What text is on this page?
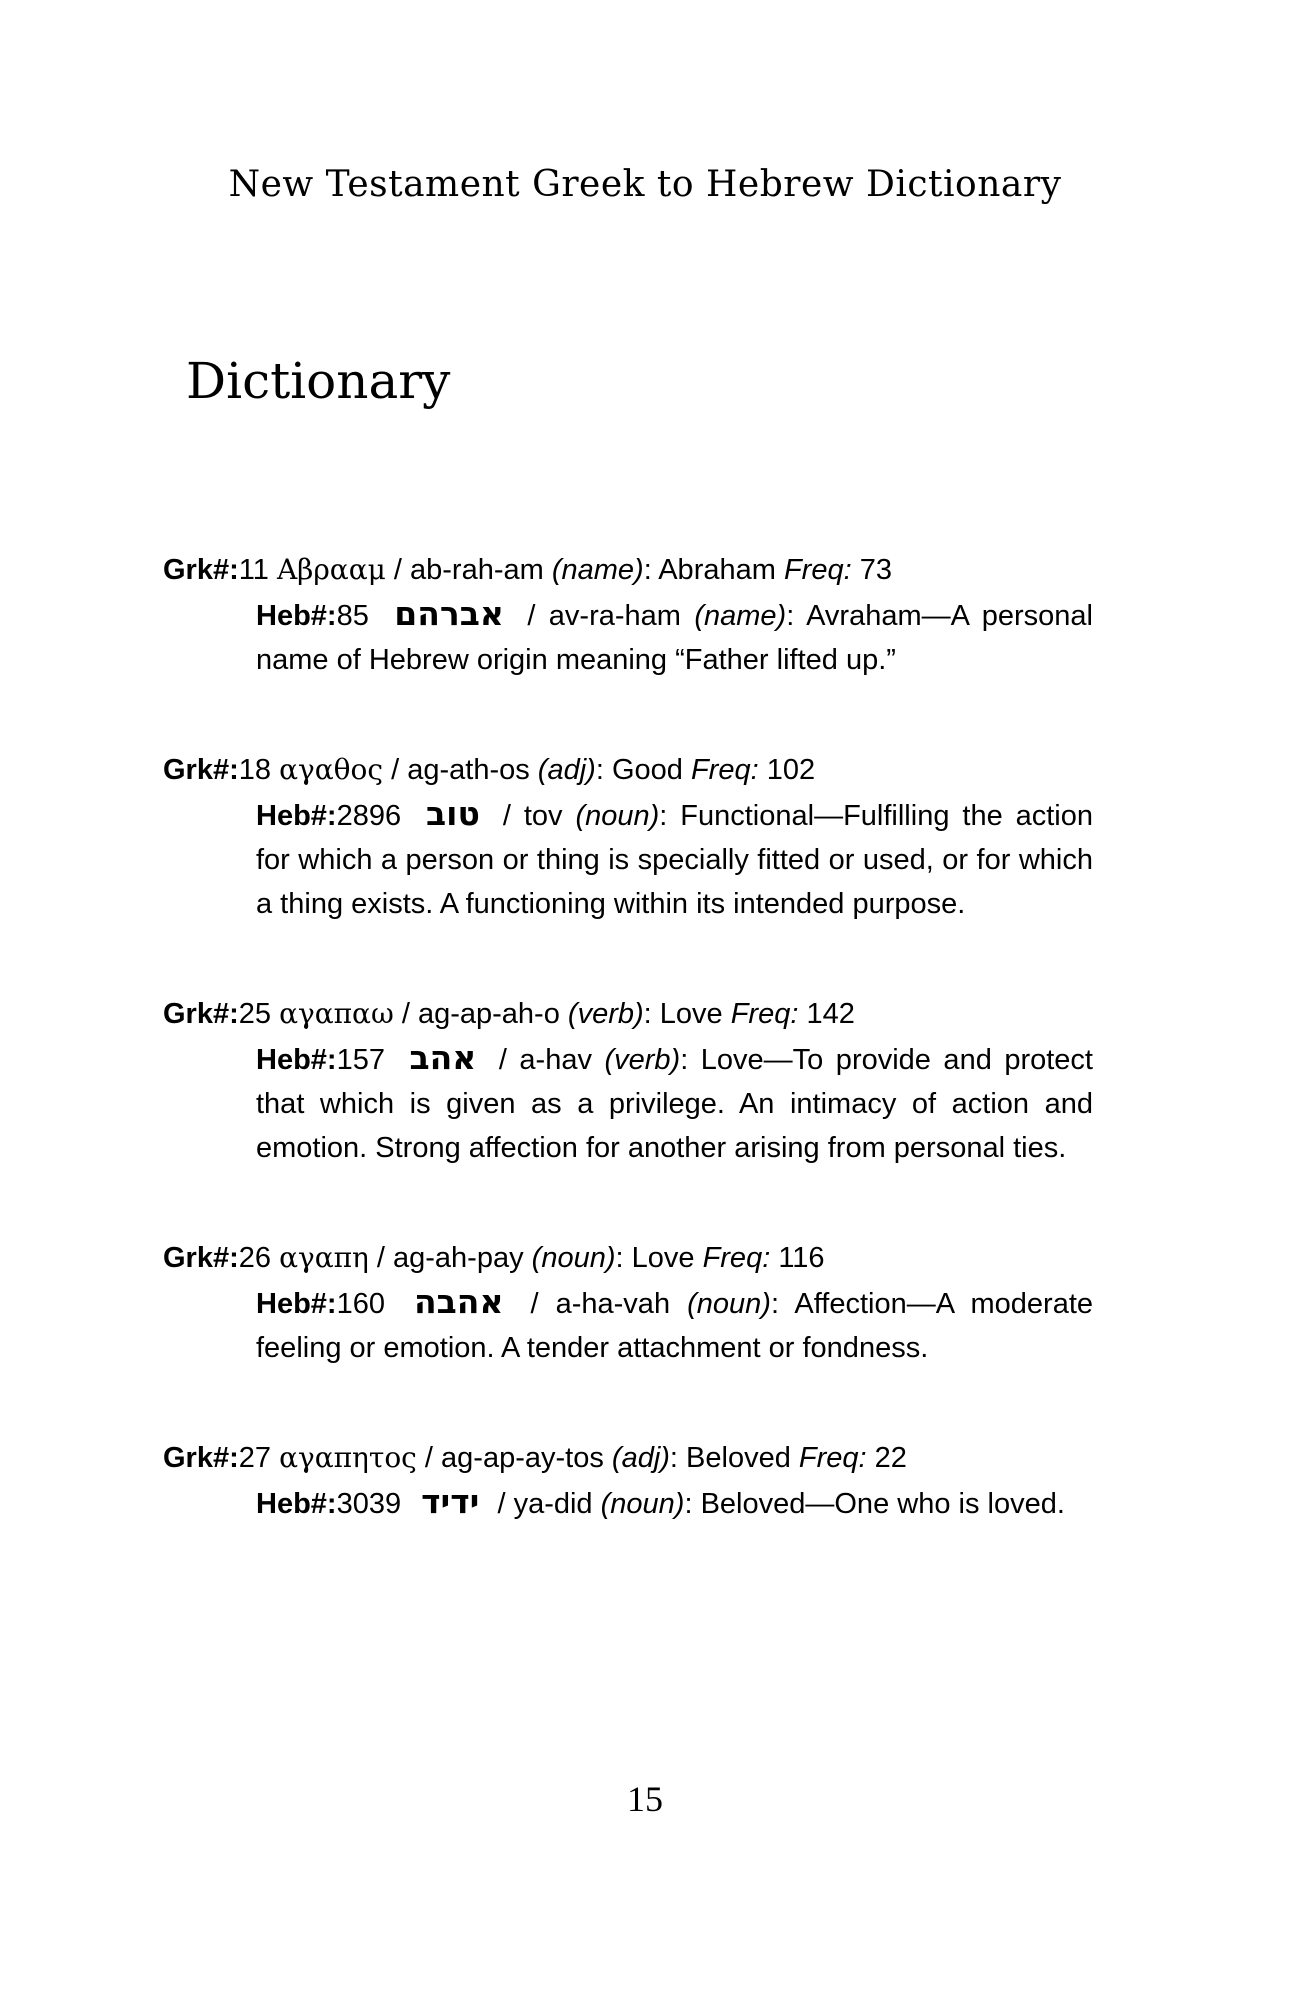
New Testament Greek to Hebrew Dictionary
Dictionary
Grk#:11 Αβρααμ / ab-rah-am (name): Abraham Freq: 73
Heb#:85 אברהם / av-ra-ham (name): Avraham—A personal name of Hebrew origin meaning “Father lifted up.”
Grk#:18 αγαθος / ag-ath-os (adj): Good Freq: 102
Heb#:2896 טוב / tov (noun): Functional—Fulfilling the action for which a person or thing is specially fitted or used, or for which a thing exists. A functioning within its intended purpose.
Grk#:25 αγαπαω / ag-ap-ah-o (verb): Love Freq: 142
Heb#:157 אהב / a-hav (verb): Love—To provide and protect that which is given as a privilege. An intimacy of action and emotion. Strong affection for another arising from personal ties.
Grk#:26 αγαπη / ag-ah-pay (noun): Love Freq: 116
Heb#:160 אהבה / a-ha-vah (noun): Affection—A moderate feeling or emotion. A tender attachment or fondness.
Grk#:27 αγαπητος / ag-ap-ay-tos (adj): Beloved Freq: 22
Heb#:3039 ידיד / ya-did (noun): Beloved—One who is loved.
15
